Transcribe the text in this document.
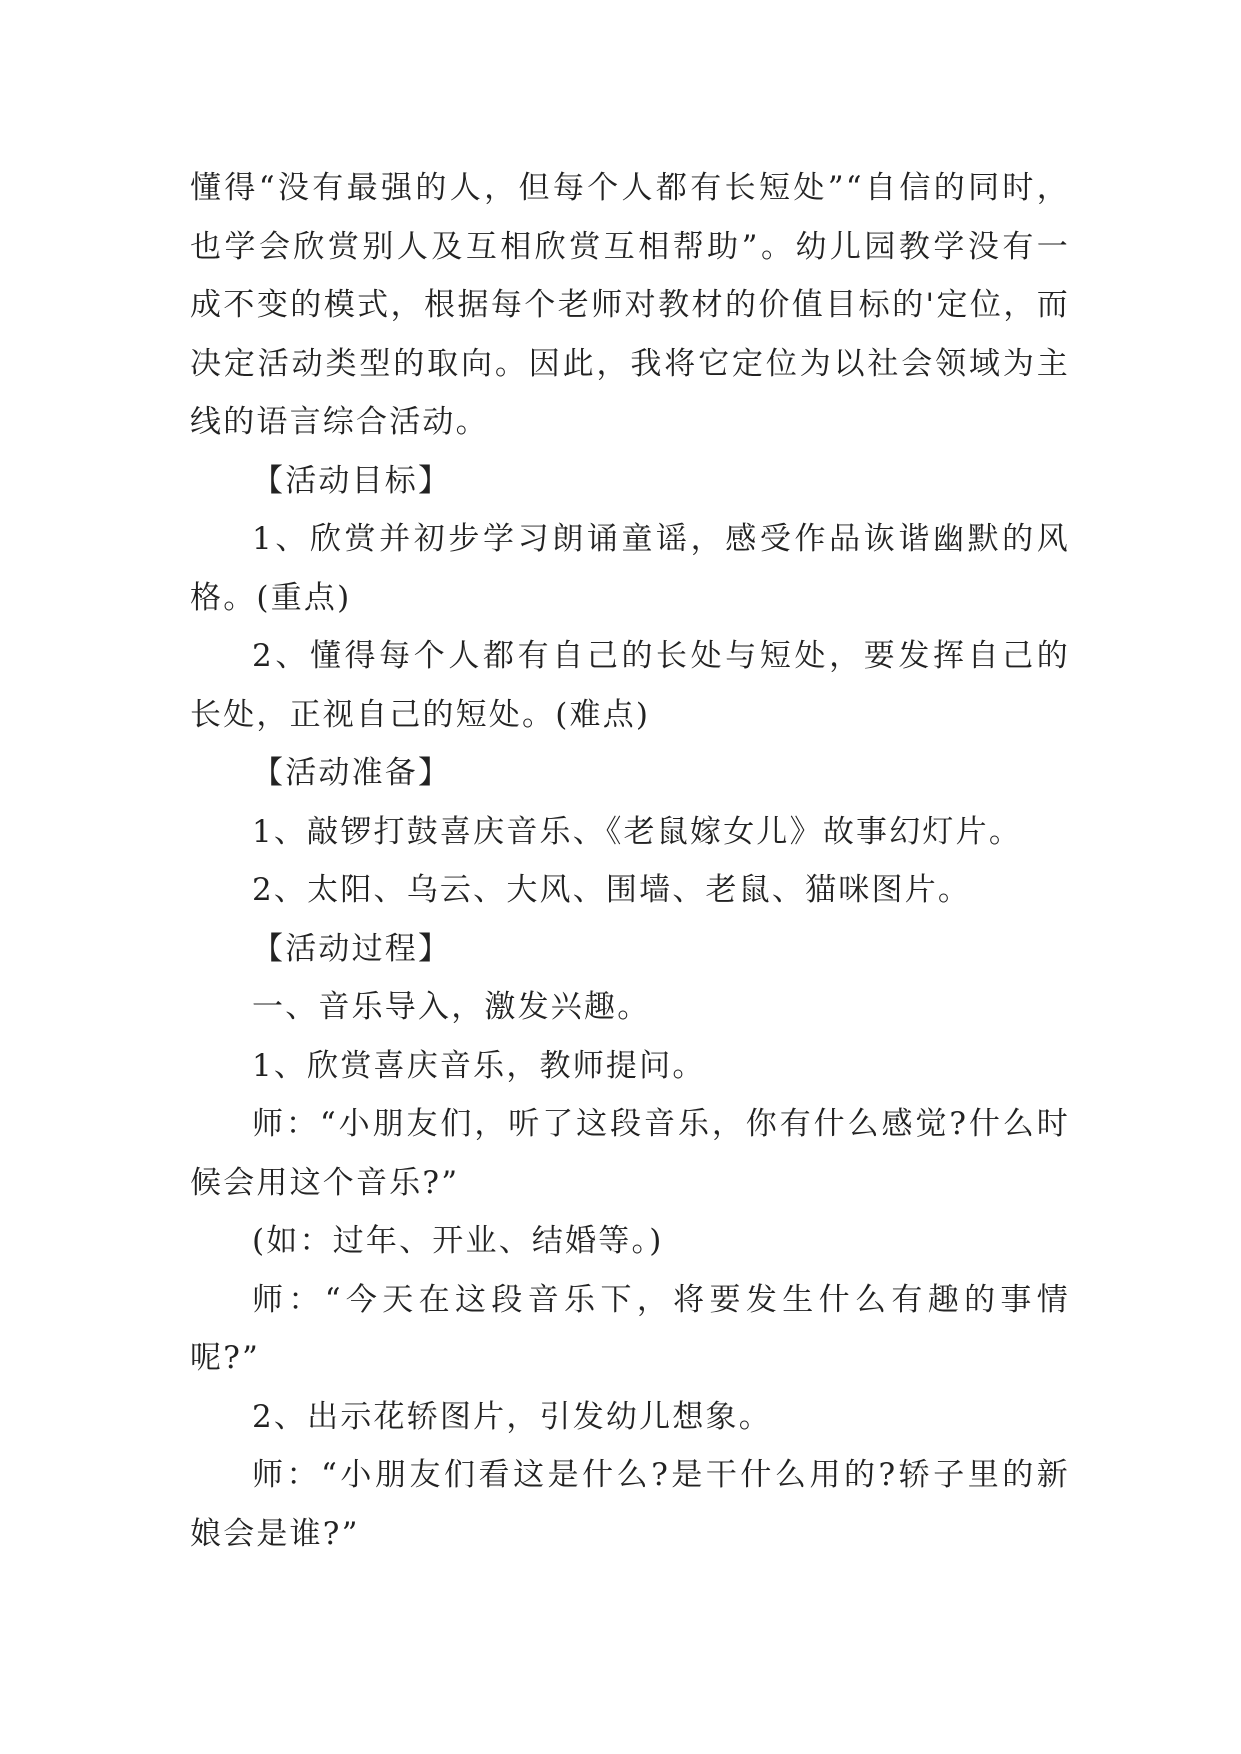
懂得“没有最强的人，但每个人都有长短处”“自信的同时，也学会欣赏别人及互相欣赏互相帮助”。幼儿园教学没有一成不变的模式，根据每个老师对教材的价值目标的'定位，而决定活动类型的取向。因此，我将它定位为以社会领域为主线的语言综合活动。

【活动目标】

1、欣赏并初步学习朗诵童谣，感受作品诙谐幽默的风格。(重点)

2、懂得每个人都有自己的长处与短处，要发挥自己的长处，正视自己的短处。(难点)

【活动准备】

1、敲锣打鼓喜庆音乐、《老鼠嫁女儿》故事幻灯片。

2、太阳、乌云、大风、围墙、老鼠、猫咪图片。

【活动过程】

一、音乐导入，激发兴趣。

1、欣赏喜庆音乐，教师提问。

师：“小朋友们，听了这段音乐，你有什么感觉?什么时候会用这个音乐?”

(如：过年、开业、结婚等。)

师：“今天在这段音乐下，将要发生什么有趣的事情呢?”

2、出示花轿图片，引发幼儿想象。

师：“小朋友们看这是什么?是干什么用的?轿子里的新娘会是谁?”
